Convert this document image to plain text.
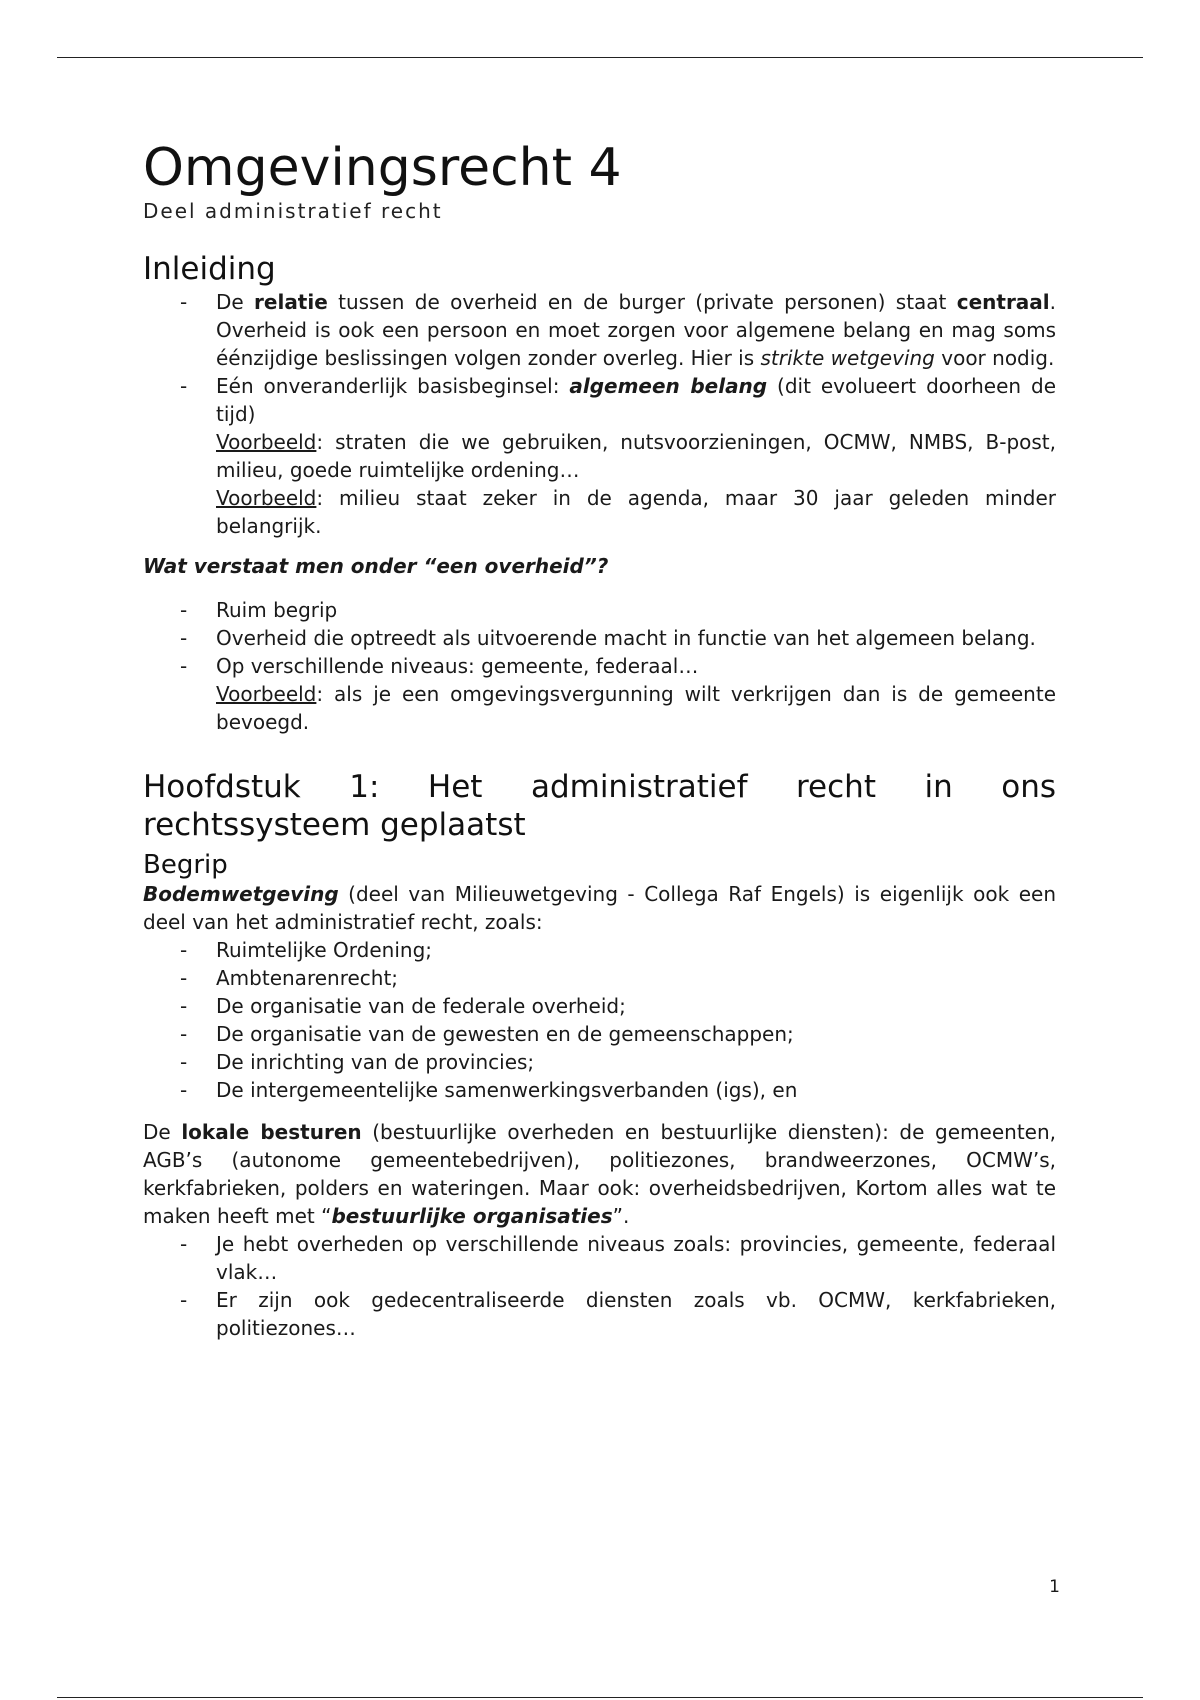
Omgevingsrecht 4
Deel administratief recht
Inleiding
- De relatie tussen de overheid en de burger (private personen) staat centraal. Overheid is ook een persoon en moet zorgen voor algemene belang en mag soms éénzijdige beslissingen volgen zonder overleg. Hier is strikte wetgeving voor nodig.
- Eén onveranderlijk basisbeginsel: algemeen belang (dit evolueert doorheen de tijd)
Voorbeeld: straten die we gebruiken, nutsvoorzieningen, OCMW, NMBS, B-post, milieu, goede ruimtelijke ordening…
Voorbeeld: milieu staat zeker in de agenda, maar 30 jaar geleden minder belangrijk.

Wat verstaat men onder “een overheid”?

- Ruim begrip
- Overheid die optreedt als uitvoerende macht in functie van het algemeen belang.
- Op verschillende niveaus: gemeente, federaal…
Voorbeeld: als je een omgevingsvergunning wilt verkrijgen dan is de gemeente bevoegd.
Hoofdstuk 1: Het administratief recht in ons rechtssysteem geplaatst
Begrip

Bodemwetgeving (deel van Milieuwetgeving - Collega Raf Engels) is eigenlijk ook een deel van het administratief recht, zoals:

- Ruimtelijke Ordening;
- Ambtenarenrecht;
- De organisatie van de federale overheid;
- De organisatie van de gewesten en de gemeenschappen;
- De inrichting van de provincies;
- De intergemeentelijke samenwerkingsverbanden (igs), en

De lokale besturen (bestuurlijke overheden en bestuurlijke diensten): de gemeenten, AGB’s (autonome gemeentebedrijven), politiezones, brandweerzones, OCMW’s, kerkfabrieken, polders en wateringen. Maar ook: overheidsbedrijven, Kortom alles wat te maken heeft met “bestuurlijke organisaties”.

- Je hebt overheden op verschillende niveaus zoals: provincies, gemeente, federaal vlak…
- Er zijn ook gedecentraliseerde diensten zoals vb. OCMW, kerkfabrieken, politiezones…
1
